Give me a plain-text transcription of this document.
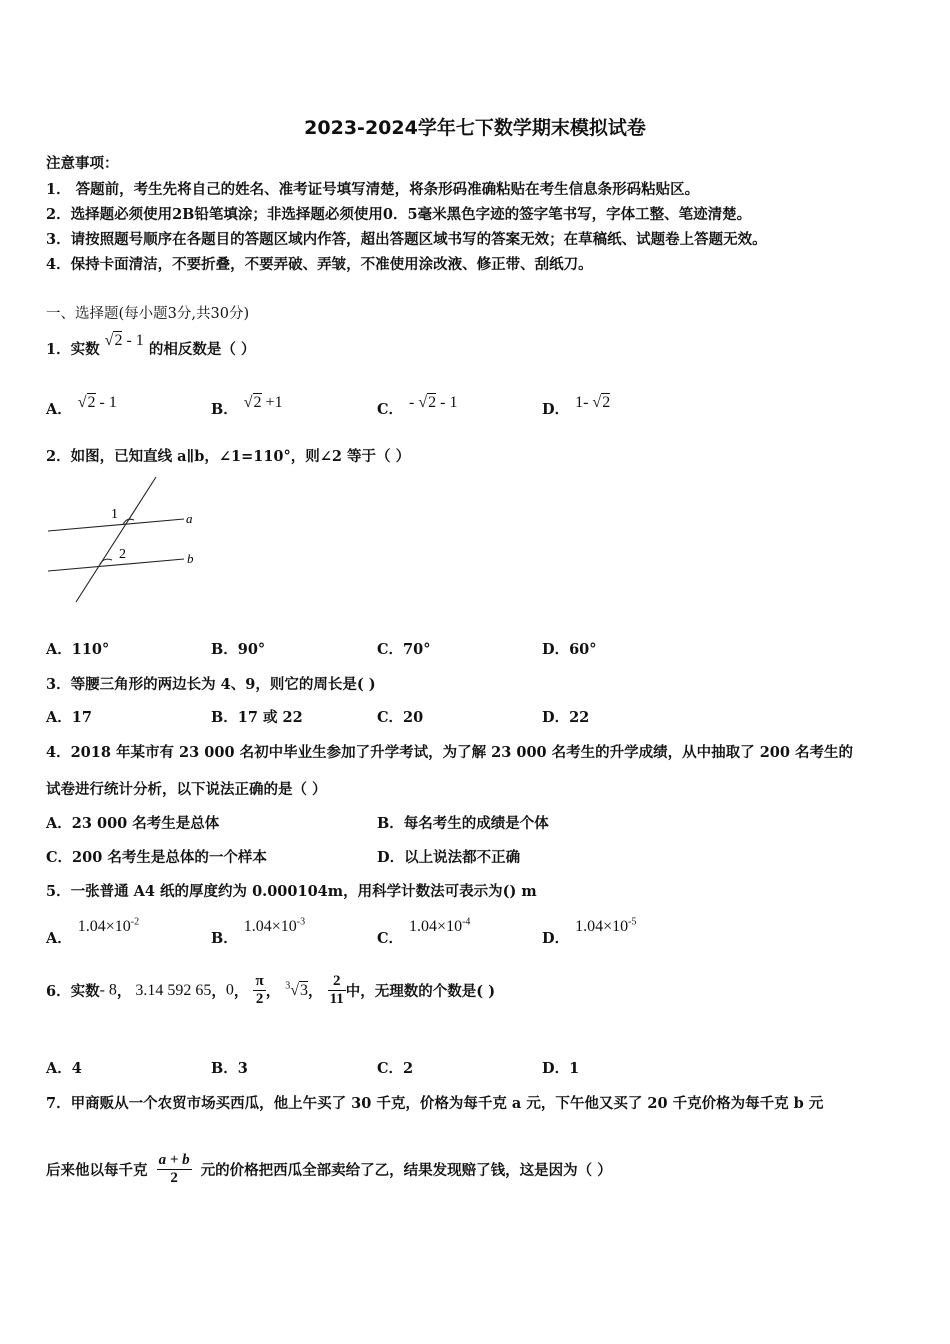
2023-2024学年七下数学期末模拟试卷
注意事项：
1． 答题前，考生先将自己的姓名、准考证号填写清楚，将条形码准确粘贴在考生信息条形码粘贴区。
2．选择题必须使用2B铅笔填涂；非选择题必须使用0．5毫米黑色字迹的签字笔书写，字体工整、笔迹清楚。
3．请按照题号顺序在各题目的答题区域内作答，超出答题区域书写的答案无效；在草稿纸、试题卷上答题无效。
4．保持卡面清洁，不要折叠，不要弄破、弄皱，不准使用涂改液、修正带、刮纸刀。
一、选择题(每小题3分,共30分)
1．实数 √2 - 1 的相反数是（ ）
A． √2 - 1	B． √2 +1	C． - √2 - 1	D． 1- √2
2．如图，已知直线 a∥b，∠1=110°，则∠2 等于（ ）
1
2
a
b
A．110°	B．90°	C．70°	D．60°
3．等腰三角形的两边长为 4、9，则它的周长是( )
A．17	B．17 或 22	C．20	D．22
4．2018 年某市有 23 000 名初中毕业生参加了升学考试，为了解 23 000 名考生的升学成绩，从中抽取了 200 名考生的
试卷进行统计分析，以下说法正确的是（ ）
A．23 000 名考生是总体	B．每名考生的成绩是个体
C．200 名考生是总体的一个样本	D．以上说法都不正确
5．一张普通 A4 纸的厚度约为 0.000104m，用科学计数法可表示为() m
A．$1.04\times 10^{-2}$
B．$1.04\times 10^{-3}$
C．$1.04\times 10^{-4}$
D．$1.04\times 10^{-5}$
6．实数- 8， 3.14 592 65，0， $\frac{\pi}{2}$ ， $^3$√3， $\frac{2}{11}$ 中，无理数的个数是( )
A．4	B．3	C．2	D．1
7．甲商贩从一个农贸市场买西瓜，他上午买了 30 千克，价格为每千克 a 元，下午他又买了 20 千克价格为每千克 b 元
后来他以每千克 $\frac{a + b}{2}$ 元的价格把西瓜全部卖给了乙，结果发现赔了钱，这是因为（ ）
